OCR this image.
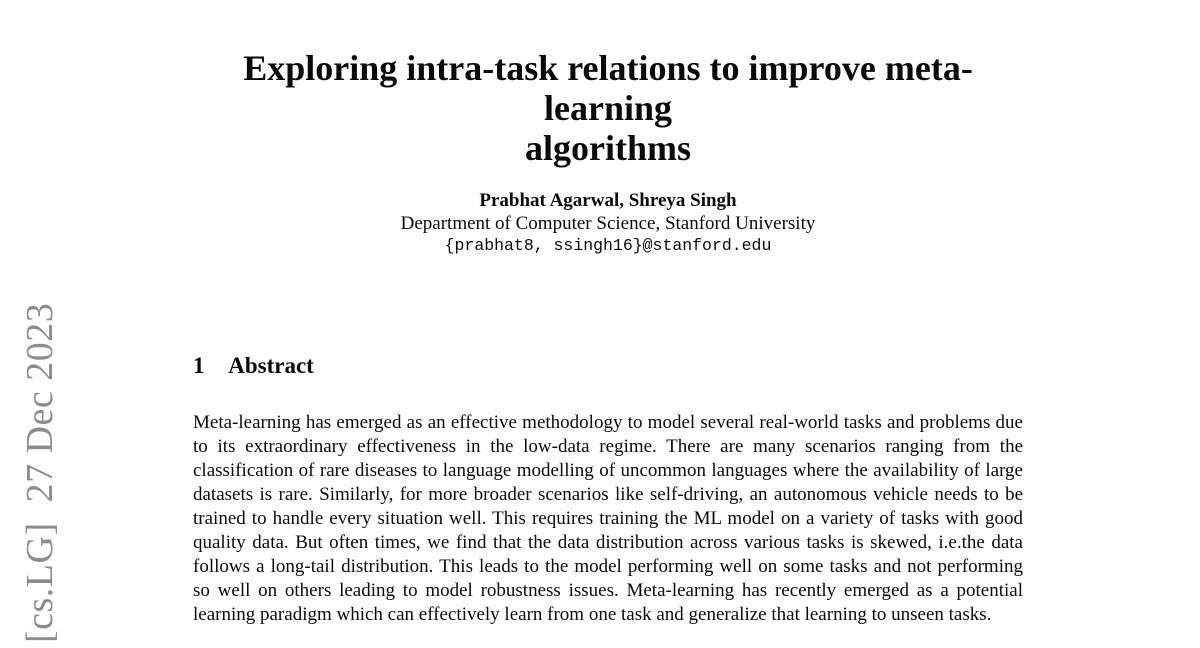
[cs.LG]  27 Dec 2023
Exploring intra-task relations to improve meta-learning
algorithms
Prabhat Agarwal, Shreya Singh
Department of Computer Science, Stanford University
{prabhat8, ssingh16}@stanford.edu
1 Abstract

Meta-learning has emerged as an effective methodology to model several real-world tasks and problems due to its extraordinary effectiveness in the low-data regime. There are many scenarios ranging from the classification of rare diseases to language modelling of uncommon languages where the availability of large datasets is rare. Similarly, for more broader scenarios like self-driving, an autonomous vehicle needs to be trained to handle every situation well. This requires training the ML model on a variety of tasks with good quality data. But often times, we find that the data distribution across various tasks is skewed, i.e.the data follows a long-tail distribution. This leads to the model performing well on some tasks and not performing so well on others leading to model robustness issues. Meta-learning has recently emerged as a potential learning paradigm which can effectively learn from one task and generalize that learning to unseen tasks.
